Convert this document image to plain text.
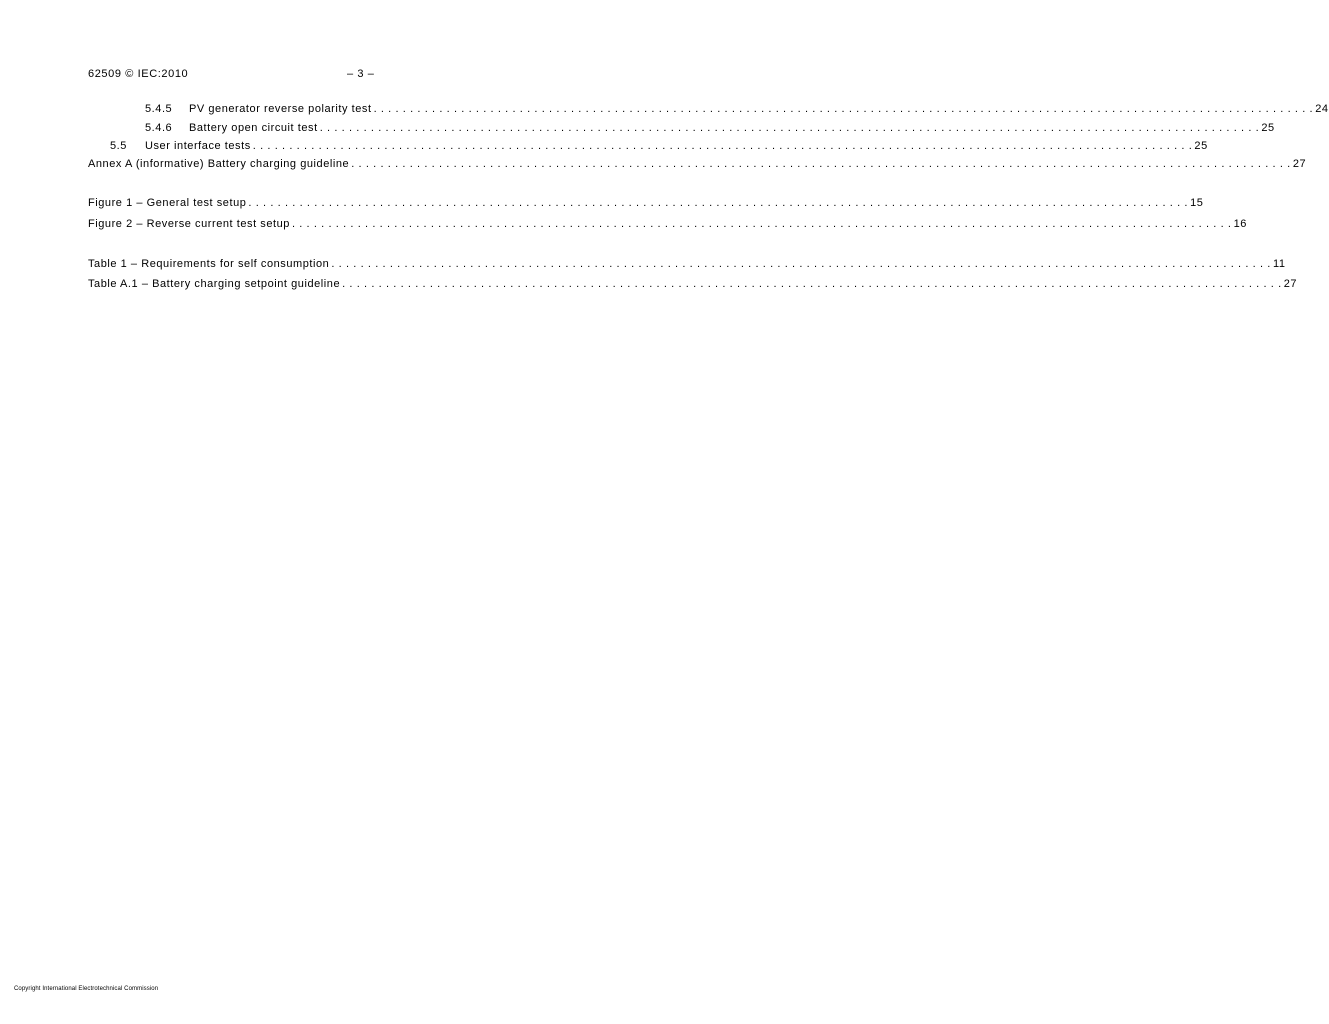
62509 © IEC:2010	– 3 –
5.4.5	PV generator reverse polarity test . . . . . . . . . . . . . . . . . . . . . . . . . . . . . . . . . . . . . . . . . . . . . . . . . . . . . . . . . . . . . . . . . . . . . . . . . . . . . . . . . . . . . . . . . . . . . . . . . . . . . . . . . . . . . . . . . . . . . . . . . . . . . . . . . 24
5.4.6	Battery open circuit test . . . . . . . . . . . . . . . . . . . . . . . . . . . . . . . . . . . . . . . . . . . . . . . . . . . . . . . . . . . . . . . . . . . . . . . . . . . . . . . . . . . . . . . . . . . . . . . . . . . . . . . . . . . . . . . . . . . . . . . . . . . . . . . . . 25
5.5	User interface tests . . . . . . . . . . . . . . . . . . . . . . . . . . . . . . . . . . . . . . . . . . . . . . . . . . . . . . . . . . . . . . . . . . . . . . . . . . . . . . . . . . . . . . . . . . . . . . . . . . . . . . . . . . . . . . . . . . . . . . . . . . . . . . . . . 25
Annex A (informative) Battery charging guideline . . . . . . . . . . . . . . . . . . . . . . . . . . . . . . . . . . . . . . . . . . . . . . . . . . . . . . . . . . . . . . . . . . . . . . . . . . . . . . . . . . . . . . . . . . . . . . . . . . . . . . . . . . . . . . . . . . . . . . . . . . . . . . . . . 27
Figure 1 – General test setup . . . . . . . . . . . . . . . . . . . . . . . . . . . . . . . . . . . . . . . . . . . . . . . . . . . . . . . . . . . . . . . . . . . . . . . . . . . . . . . . . . . . . . . . . . . . . . . . . . . . . . . . . . . . . . . . . . . . . . . . . . . . . . . . . 15
Figure 2 – Reverse current test setup . . . . . . . . . . . . . . . . . . . . . . . . . . . . . . . . . . . . . . . . . . . . . . . . . . . . . . . . . . . . . . . . . . . . . . . . . . . . . . . . . . . . . . . . . . . . . . . . . . . . . . . . . . . . . . . . . . . . . . . . . . . . . . . . . 16
Table 1 – Requirements for self consumption . . . . . . . . . . . . . . . . . . . . . . . . . . . . . . . . . . . . . . . . . . . . . . . . . . . . . . . . . . . . . . . . . . . . . . . . . . . . . . . . . . . . . . . . . . . . . . . . . . . . . . . . . . . . . . . . . . . . . . . . . . . . . . . . . 11
Table A.1 – Battery charging setpoint guideline . . . . . . . . . . . . . . . . . . . . . . . . . . . . . . . . . . . . . . . . . . . . . . . . . . . . . . . . . . . . . . . . . . . . . . . . . . . . . . . . . . . . . . . . . . . . . . . . . . . . . . . . . . . . . . . . . . . . . . . . . . . . . . . . . 27
Copyright International Electrotechnical Commission
